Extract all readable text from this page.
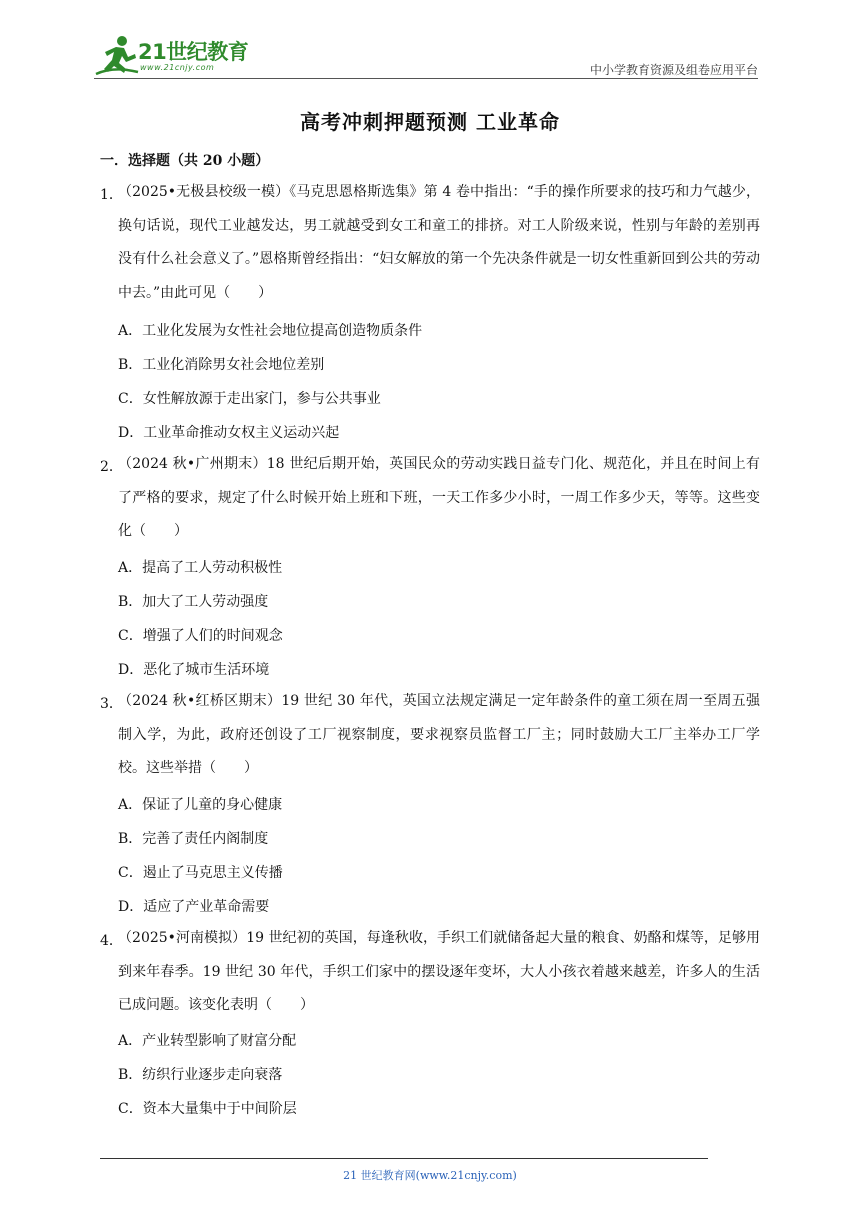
21世纪教育
www.21cnjy.com	中小学教育资源及组卷应用平台
高考冲刺押题预测 工业革命
一．选择题（共 20 小题）
1．
（2025•无极县校级一模）《马克思恩格斯选集》第 4 卷中指出：“手的操作所要求的技巧和力气越少，换句话说，现代工业越发达，男工就越受到女工和童工的排挤。对工人阶级来说，性别与年龄的差别再没有什么社会意义了。”恩格斯曾经指出：“妇女解放的第一个先决条件就是一切女性重新回到公共的劳动中去。”由此可见（　　）
A．工业化发展为女性社会地位提高创造物质条件
B．工业化消除男女社会地位差别
C．女性解放源于走出家门，参与公共事业
D．工业革命推动女权主义运动兴起
2．
（2024 秋•广州期末）18 世纪后期开始，英国民众的劳动实践日益专门化、规范化，并且在时间上有了严格的要求，规定了什么时候开始上班和下班，一天工作多少小时，一周工作多少天，等等。这些变化（　　）
A．提高了工人劳动积极性
B．加大了工人劳动强度
C．增强了人们的时间观念
D．恶化了城市生活环境
3．
（2024 秋•红桥区期末）19 世纪 30 年代，英国立法规定满足一定年龄条件的童工须在周一至周五强制入学，为此，政府还创设了工厂视察制度，要求视察员监督工厂主；同时鼓励大工厂主举办工厂学校。这些举措（　　）
A．保证了儿童的身心健康
B．完善了责任内阁制度
C．遏止了马克思主义传播
D．适应了产业革命需要
4．
（2025•河南模拟）19 世纪初的英国，每逢秋收，手织工们就储备起大量的粮食、奶酪和煤等，足够用到来年春季。19 世纪 30 年代，手织工们家中的摆设逐年变坏，大人小孩衣着越来越差，许多人的生活已成问题。该变化表明（　　）
A．产业转型影响了财富分配
B．纺织行业逐步走向衰落
C．资本大量集中于中间阶层
21 世纪教育网(www.21cnjy.com)
